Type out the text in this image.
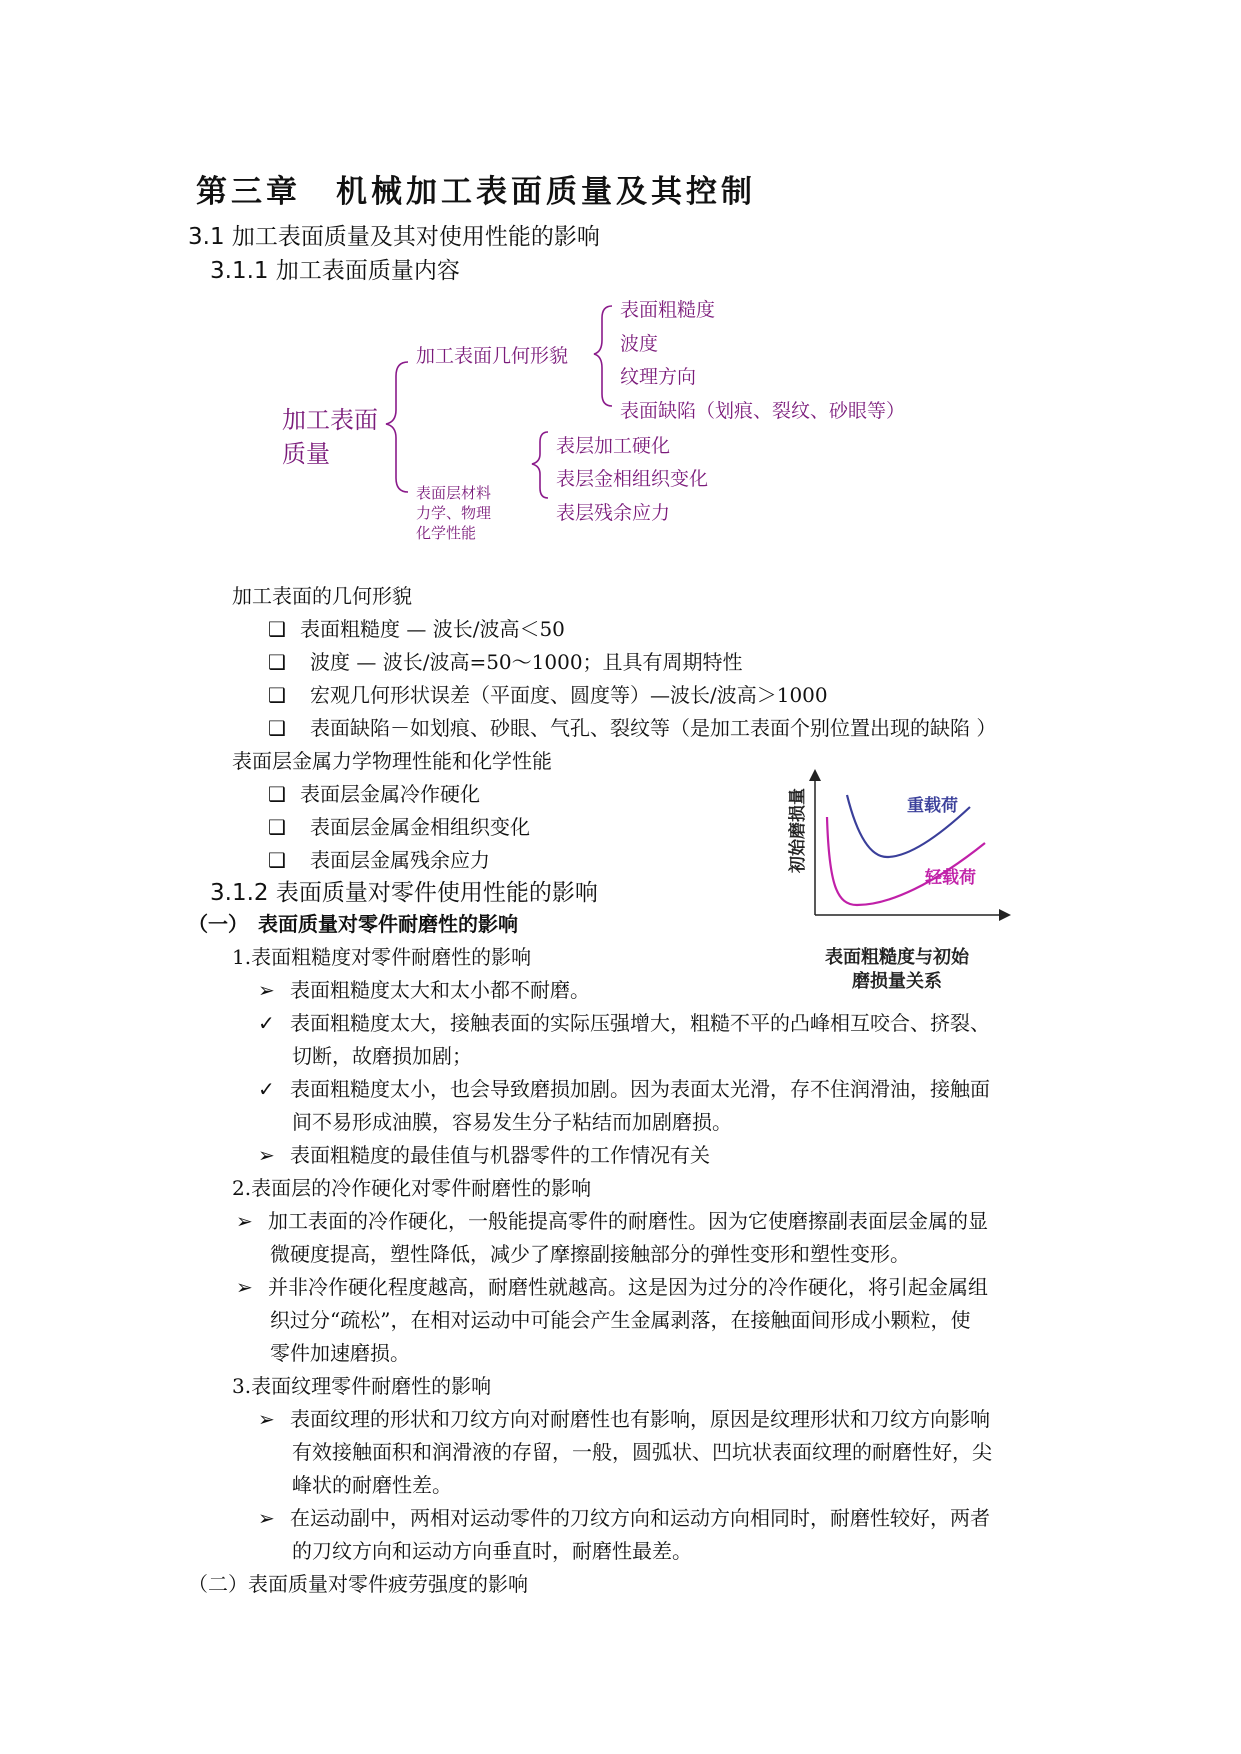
第三章　机械加工表面质量及其控制
3.1 加工表面质量及其对使用性能的影响
3.1.1 加工表面质量内容
加工表面
质量
加工表面几何形貌
表面层材料
力学、物理
化学性能
表面粗糙度
波度
纹理方向
表面缺陷（划痕、裂纹、砂眼等）
表层加工硬化
表层金相组织变化
表层残余应力
加工表面的几何形貌
❑ 表面粗糙度 — 波长/波高＜50
❑ 波度 — 波长/波高=50～1000；且具有周期特性
❑ 宏观几何形状误差（平面度、圆度等）—波长/波高＞1000
❑ 表面缺陷－如划痕、砂眼、气孔、裂纹等（是加工表面个别位置出现的缺陷 ）
表面层金属力学物理性能和化学性能
❑ 表面层金属冷作硬化
❑ 表面层金属金相组织变化
❑ 表面层金属残余应力	初始磨损量	重载荷
轻载荷
表面粗糙度与初始
磨损量关系
3.1.2 表面质量对零件使用性能的影响
（一）　表面质量对零件耐磨性的影响
1.表面粗糙度对零件耐磨性的影响
➢ 表面粗糙度太大和太小都不耐磨。
✓ 表面粗糙度太大，接触表面的实际压强增大，粗糙不平的凸峰相互咬合、挤裂、
切断，故磨损加剧；
✓ 表面粗糙度太小，也会导致磨损加剧。因为表面太光滑，存不住润滑油，接触面
间不易形成油膜，容易发生分子粘结而加剧磨损。
➢ 表面粗糙度的最佳值与机器零件的工作情况有关
2.表面层的冷作硬化对零件耐磨性的影响
➢ 加工表面的冷作硬化，一般能提高零件的耐磨性。因为它使磨擦副表面层金属的显
微硬度提高，塑性降低，减少了摩擦副接触部分的弹性变形和塑性变形。
➢ 并非冷作硬化程度越高，耐磨性就越高。这是因为过分的冷作硬化，将引起金属组
织过分“疏松”，在相对运动中可能会产生金属剥落，在接触面间形成小颗粒，使
零件加速磨损。
3.表面纹理零件耐磨性的影响
➢ 表面纹理的形状和刀纹方向对耐磨性也有影响，原因是纹理形状和刀纹方向影响
有效接触面积和润滑液的存留，一般，圆弧状、凹坑状表面纹理的耐磨性好，尖
峰状的耐磨性差。
➢ 在运动副中，两相对运动零件的刀纹方向和运动方向相同时，耐磨性较好，两者
的刀纹方向和运动方向垂直时，耐磨性最差。
（二）表面质量对零件疲劳强度的影响
